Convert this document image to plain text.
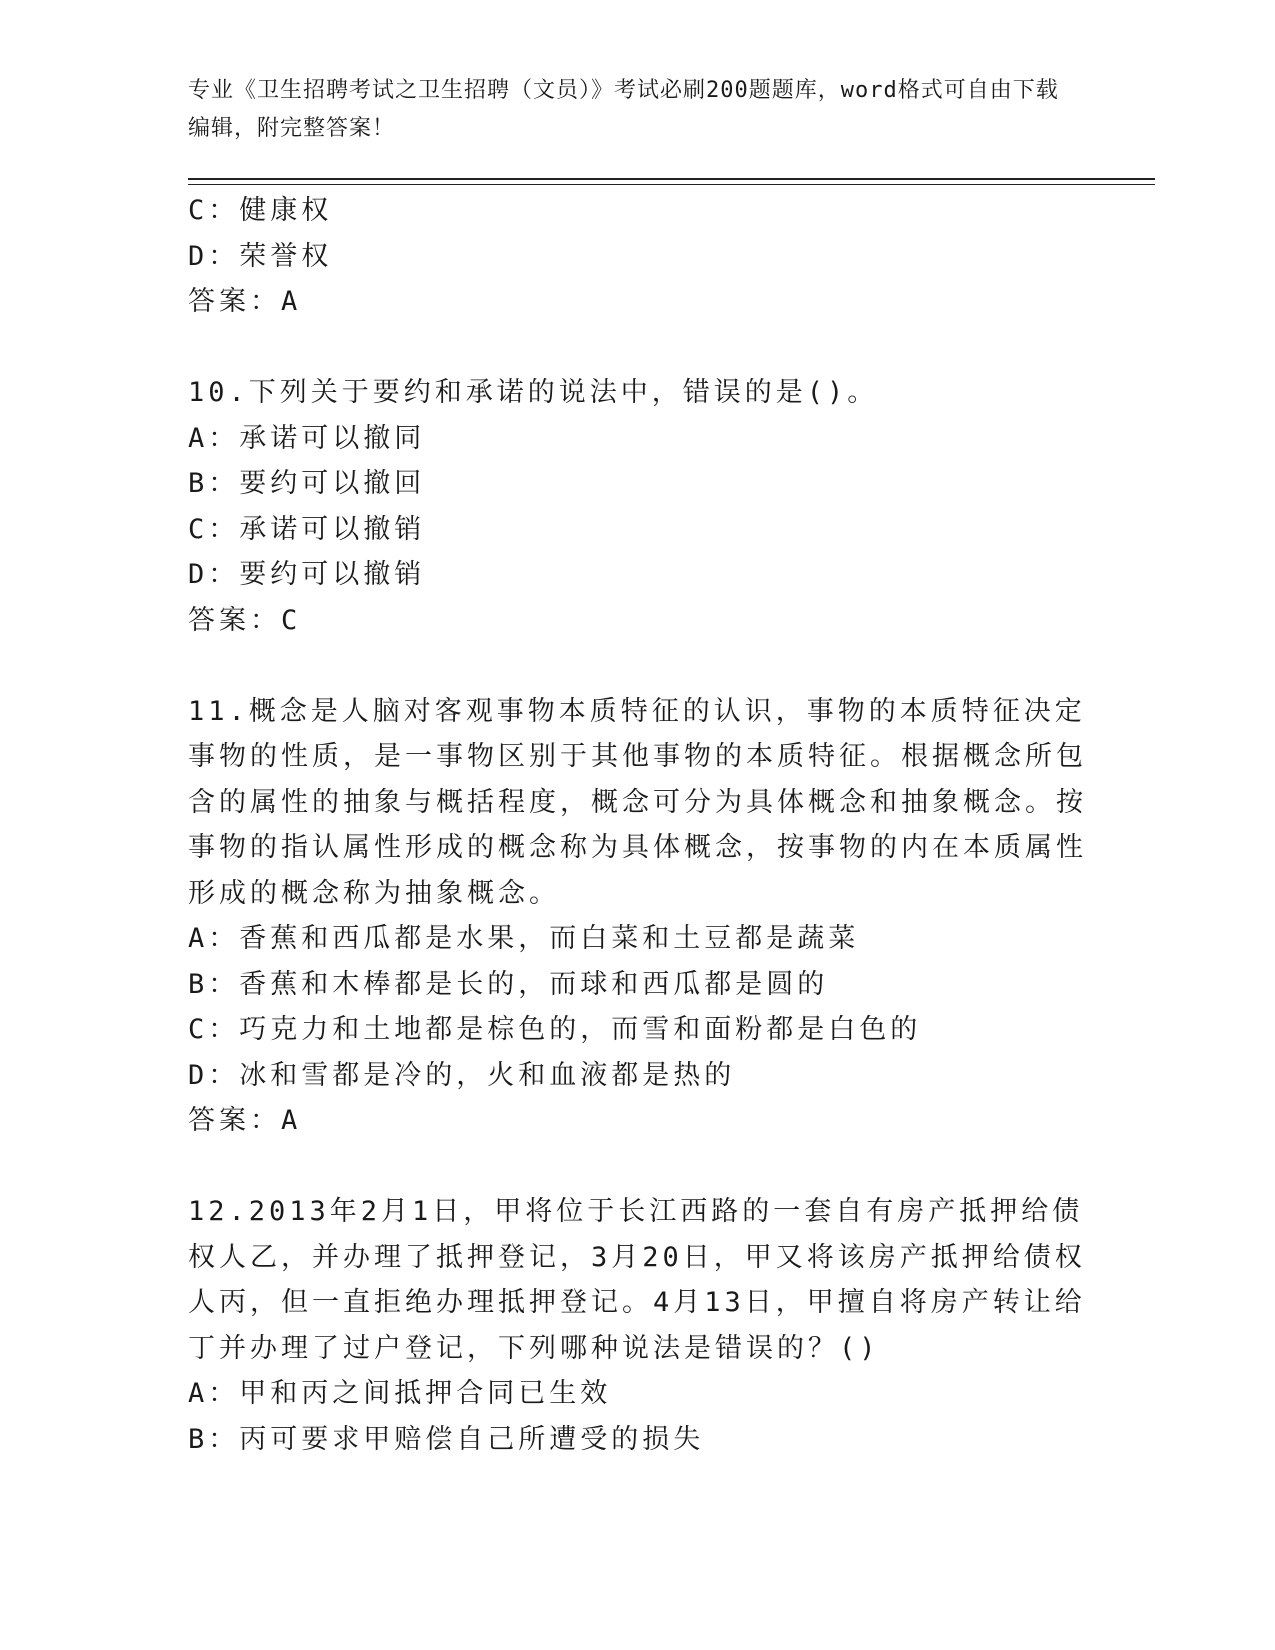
专业《卫生招聘考试之卫生招聘（文员）》考试必刷200题题库，word格式可自由下载编辑，附完整答案！
C：健康权
D：荣誉权
答案：A
10.下列关于要约和承诺的说法中，错误的是()。
A：承诺可以撤同
B：要约可以撤回
C：承诺可以撤销
D：要约可以撤销
答案：C
11.概念是人脑对客观事物本质特征的认识，事物的本质特征决定事物的性质，是一事物区别于其他事物的本质特征。根据概念所包含的属性的抽象与概括程度，概念可分为具体概念和抽象概念。按事物的指认属性形成的概念称为具体概念，按事物的内在本质属性形成的概念称为抽象概念。
A：香蕉和西瓜都是水果，而白菜和土豆都是蔬菜
B：香蕉和木棒都是长的，而球和西瓜都是圆的
C：巧克力和土地都是棕色的，而雪和面粉都是白色的
D：冰和雪都是冷的，火和血液都是热的
答案：A
12.2013年2月1日，甲将位于长江西路的一套自有房产抵押给债权人乙，并办理了抵押登记，3月20日，甲又将该房产抵押给债权人丙，但一直拒绝办理抵押登记。4月13日，甲擅自将房产转让给丁并办理了过户登记，下列哪种说法是错误的？()
A：甲和丙之间抵押合同已生效
B：丙可要求甲赔偿自己所遭受的损失
